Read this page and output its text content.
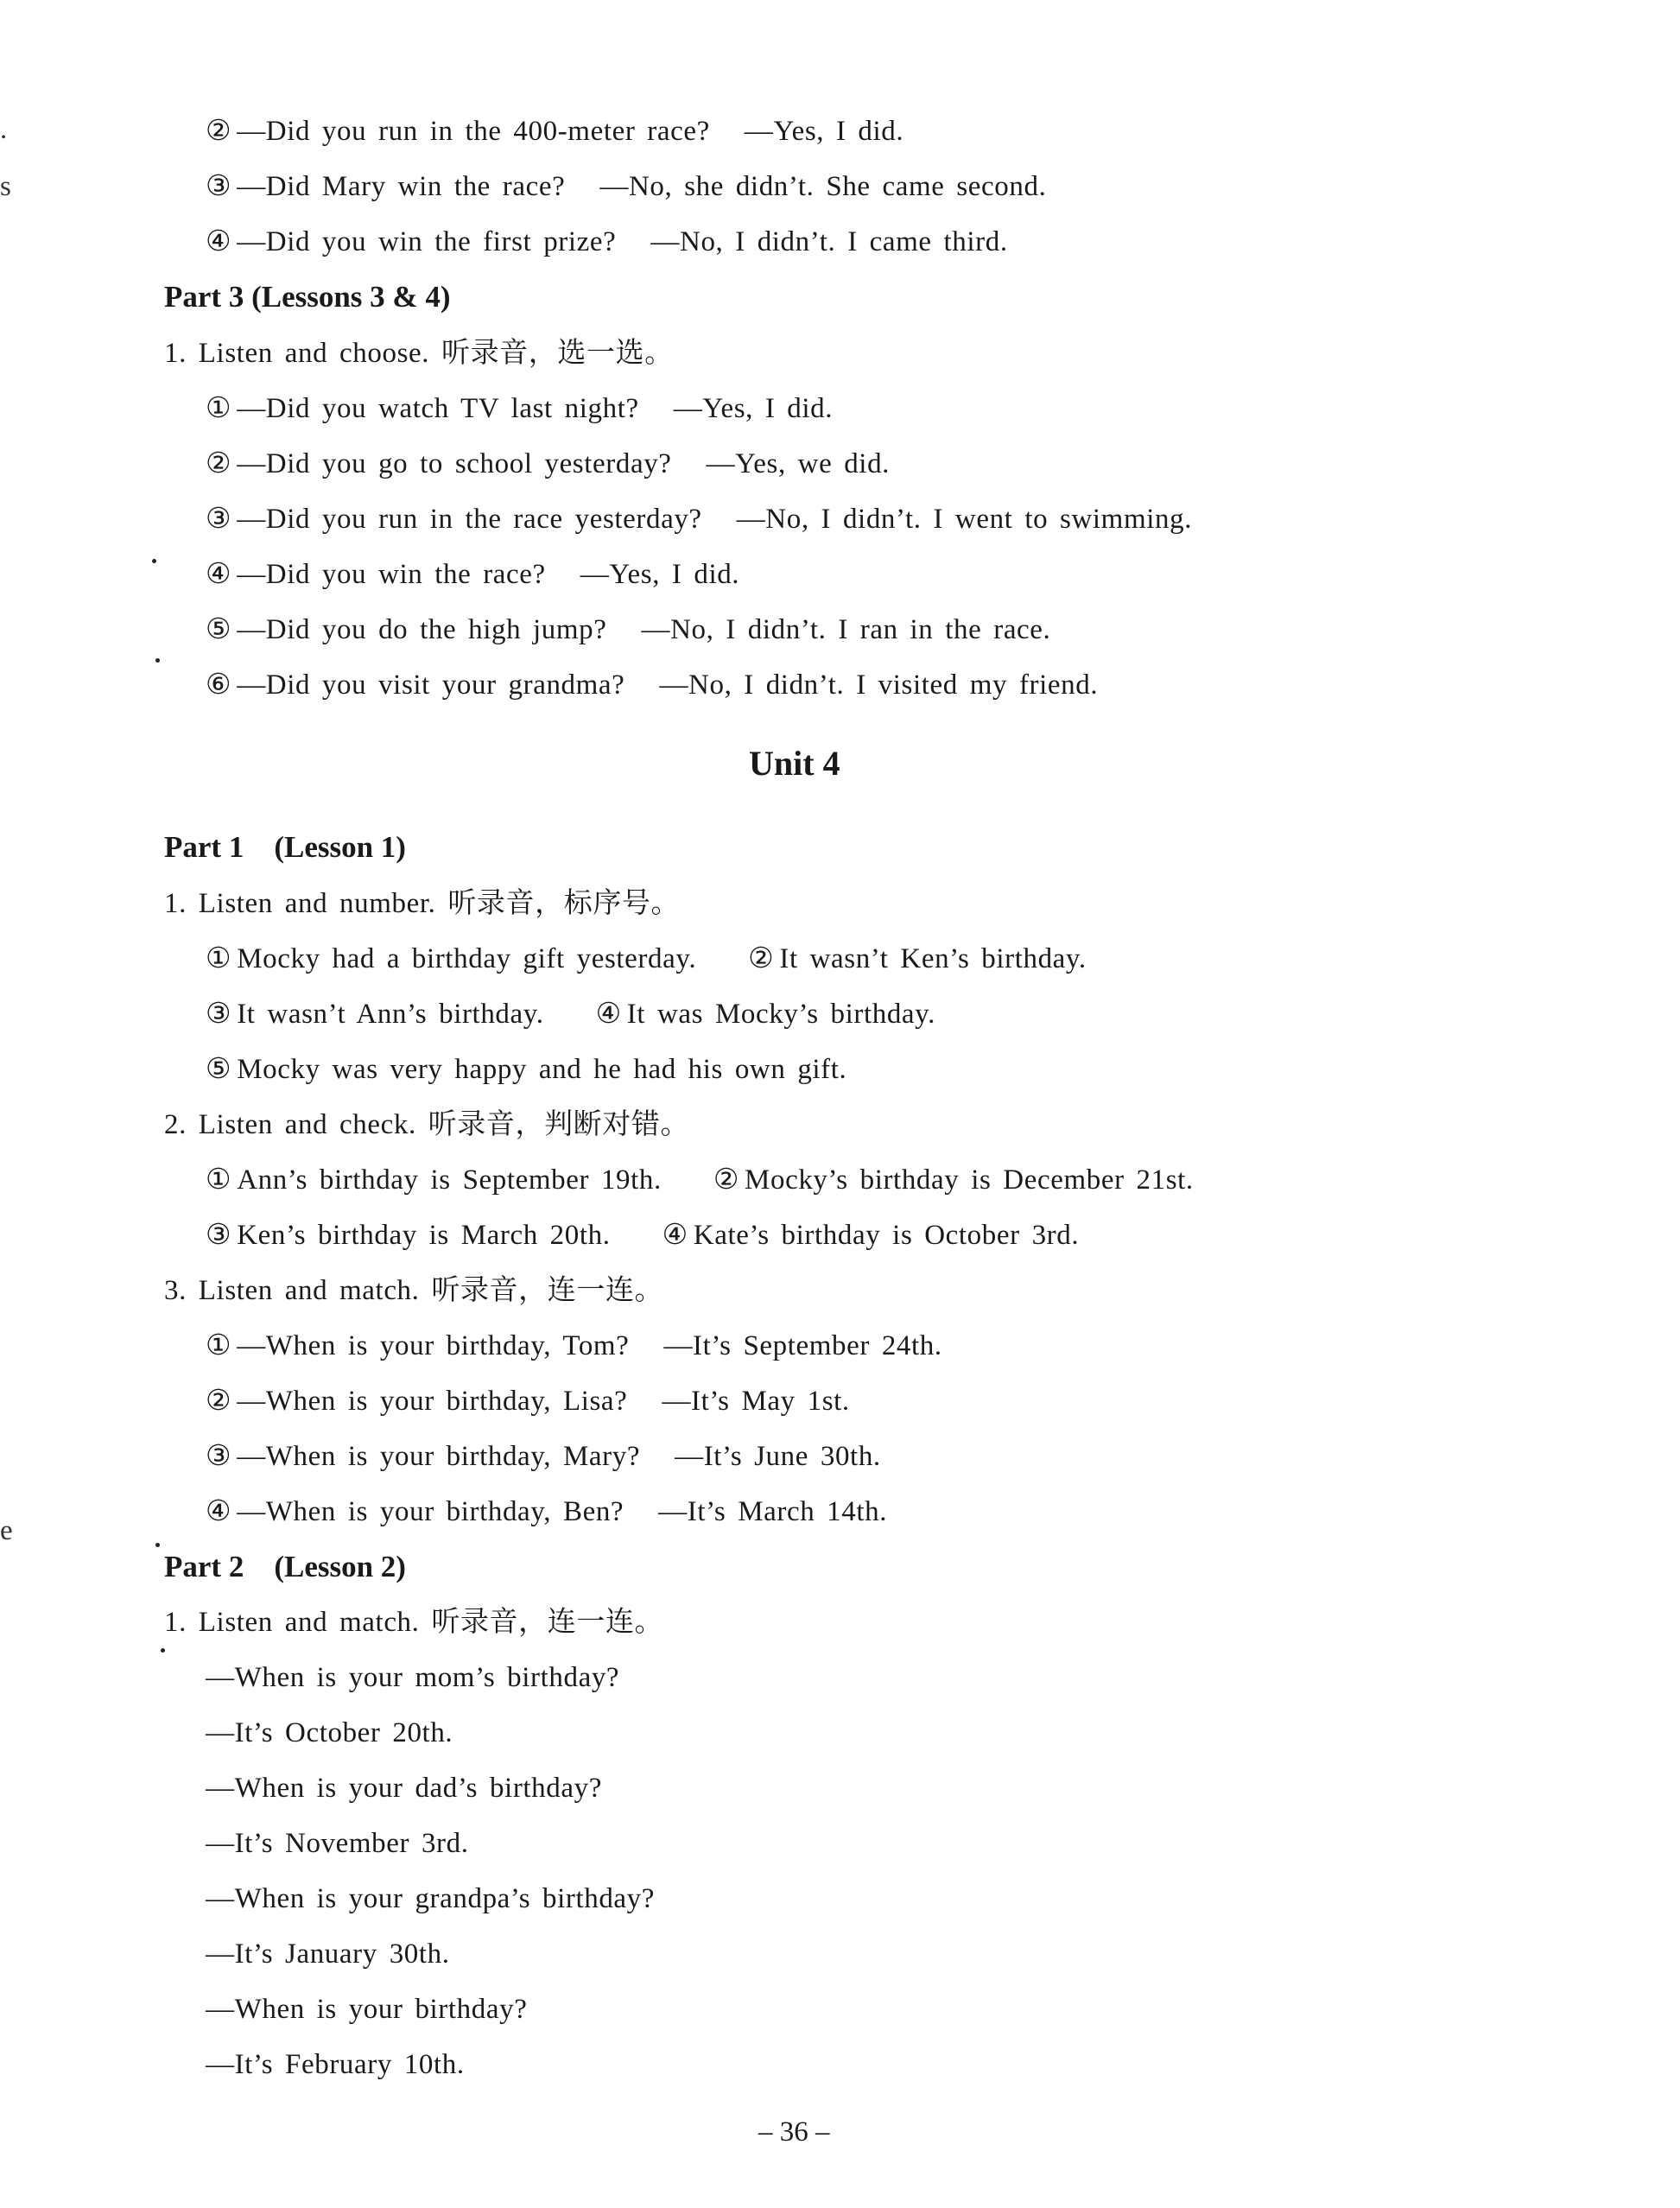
.
s
e
② —Did you run in the 400-meter race? —Yes, I did.
③ —Did Mary win the race? —No, she didn’t. She came second.
④ —Did you win the first prize? —No, I didn’t. I came third.
Part 3 (Lessons 3 & 4)
1. Listen and choose. 听录音，选一选。
① —Did you watch TV last night? —Yes, I did.
② —Did you go to school yesterday? —Yes, we did.
③ —Did you run in the race yesterday? —No, I didn’t. I went to swimming.
④ —Did you win the race? —Yes, I did.
⑤ —Did you do the high jump? —No, I didn’t. I ran in the race.
⑥ —Did you visit your grandma? —No, I didn’t. I visited my friend.
Unit 4
Part 1　(Lesson 1)
1. Listen and number. 听录音，标序号。
① Mocky had a birthday gift yesterday. ② It wasn’t Ken’s birthday.
③ It wasn’t Ann’s birthday. ④ It was Mocky’s birthday.
⑤ Mocky was very happy and he had his own gift.
2. Listen and check. 听录音，判断对错。
① Ann’s birthday is September 19th. ② Mocky’s birthday is December 21st.
③ Ken’s birthday is March 20th. ④ Kate’s birthday is October 3rd.
3. Listen and match. 听录音，连一连。
① —When is your birthday, Tom? —It’s September 24th.
② —When is your birthday, Lisa? —It’s May 1st.
③ —When is your birthday, Mary? —It’s June 30th.
④ —When is your birthday, Ben? —It’s March 14th.
Part 2　(Lesson 2)
1. Listen and match. 听录音，连一连。
—When is your mom’s birthday?
—It’s October 20th.
—When is your dad’s birthday?
—It’s November 3rd.
—When is your grandpa’s birthday?
—It’s January 30th.
—When is your birthday?
—It’s February 10th.
– 36 –
